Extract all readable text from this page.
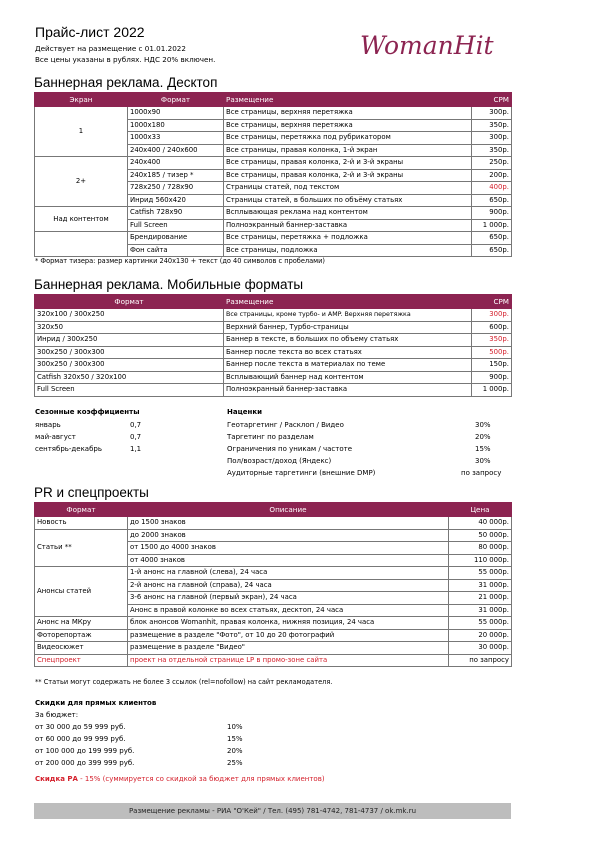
Прайс-лист 2022
Действует на размещение с 01.01.2022
Все цены указаны в рублях. НДС 20% включен.	WomanHit
Баннерная реклама. Десктоп
Экран	Формат	Размещение	CPM
1	1000x90	Все страницы, верхняя перетяжка	300р.
	1000x180	Все страницы, верхняя перетяжка	350р.
	1000x33	Все страницы, перетяжка под рубрикатором	300р.
	240x400 / 240x600	Все страницы, правая колонка, 1-й экран	350р.
2+	240x400	Все страницы, правая колонка, 2-й и 3-й экраны	250р.
	240x185 / тизер *	Все страницы, правая колонка, 2-й и 3-й экраны	200р.
	728x250 / 728x90	Страницы статей, под текстом	400р.
	Инрид 560x420	Страницы статей, в больших по объёму статьях	650р.
Над контентом	Catfish 728x90	Всплывающая реклама над контентом	900р.
	Full Screen	Полноэкранный баннер-заставка	1 000р.
	Брендирование	Все страницы, перетяжка + подложка	650р.
	Фон сайта	Все страницы, подложка	650р.
* Формат тизера: размер картинки 240x130 + текст (до 40 символов с пробелами)
Баннерная реклама. Мобильные форматы
Формат	Размещение	CPM
320x100 / 300x250	Все страницы, кроме турбо- и AMP. Верхняя перетяжка	300р.
320x50	Верхний баннер, Турбо-страницы	600р.
Инрид / 300x250	Баннер в тексте, в больших по объему статьях	350р.
300x250 / 300x300	Баннер после текста во всех статьях	500р.
300x250 / 300x300	Баннер после текста в материалах по теме	150р.
Catfish 320x50 / 320x100	Всплывающий баннер над контентом	900р.
Full Screen	Полноэкранный баннер-заставка	1 000р.
Сезонные коэффициенты
январь	0,7
май-август	0,7
сентябрь-декабрь	1,1
Наценки
Геотаргетинг / Расклоп / Видео	30%
Таргетинг по разделам	20%
Ограничения по уникам / частоте	15%
Пол/возраст/доход (Яндекс)	30%
Аудиторные таргетинги (внешние DMP)	по запросу
PR и спецпроекты
Формат	Описание	Цена
Новость	до 1500 знаков	40 000р.
Статьи **	до 2000 знаков	50 000р.
	от 1500 до 4000 знаков	80 000р.
	от 4000 знаков	110 000р.
Анонсы статей	1-й анонс на главной (слева), 24 часа	55 000р.
	2-й анонс на главной (справа), 24 часа	31 000р.
	3-6 анонс на главной (первый экран), 24 часа	21 000р.
	Анонс в правой колонке во всех статьях, десктоп, 24 часа	31 000р.
Анонс на МКру	блок анонсов Womanhit, правая колонка, нижняя позиция, 24 часа	55 000р.
Фоторепортаж	размещение в разделе "Фото", от 10 до 20 фотографий	20 000р.
Видеосюжет	размещение в разделе "Видео"	30 000р.
Спецпроект	проект на отдельной странице LP в промо-зоне сайта	по запросу
** Статьи могут содержать не более 3 ссылок (rel=nofollow) на сайт рекламодателя.
Скидки для прямых клиентов
За бюджет:
от 30 000 до 59 999 руб.	10%
от 60 000 до 99 999 руб.	15%
от 100 000 до 199 999 руб.	20%
от 200 000 до 399 999 руб.	25%
Скидка РА - 15% (суммируется со скидкой за бюджет для прямых клиентов)
Размещение рекламы - РИА "О'Кей" / Тел. (495) 781-4742, 781-4737 / ok.mk.ru
